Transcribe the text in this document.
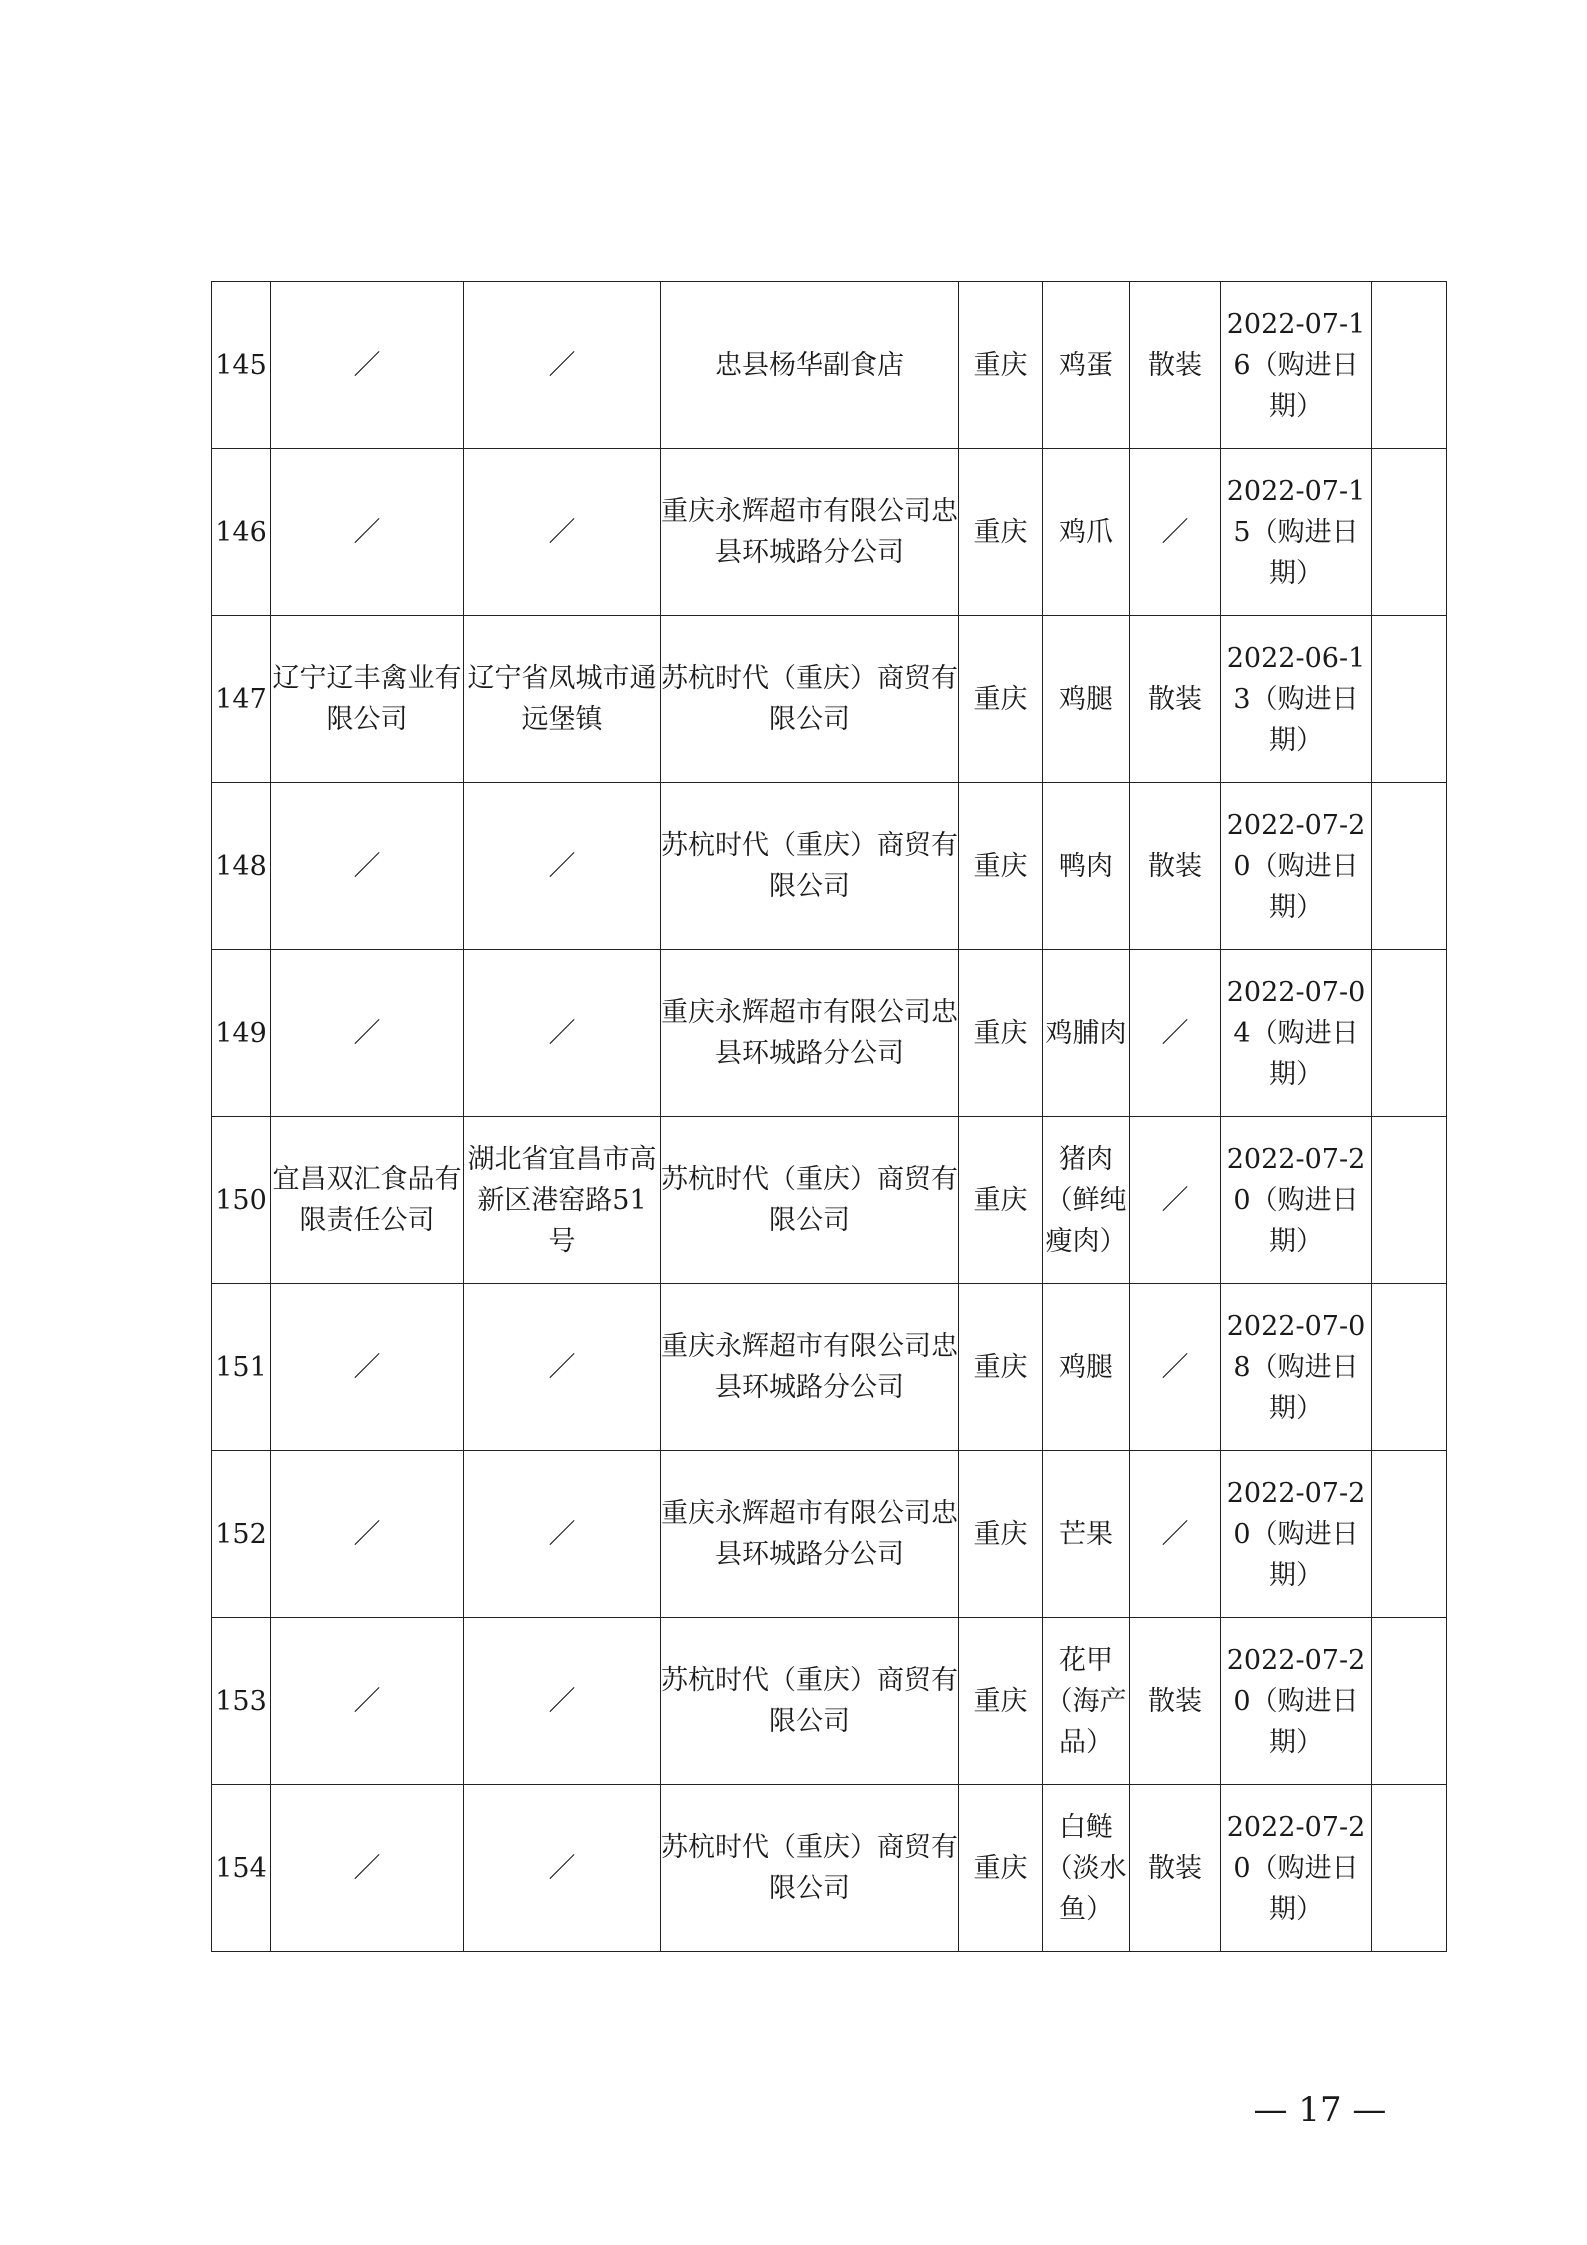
145	／	／	忠县杨华副食店	重庆	鸡蛋	散装	2022-07-16（购进日期）	

146	／	／	重庆永辉超市有限公司忠县环城路分公司	重庆	鸡爪	／	2022-07-15（购进日期）	

147	辽宁辽丰禽业有限公司	辽宁省凤城市通远堡镇	苏杭时代（重庆）商贸有限公司	重庆	鸡腿	散装	2022-06-13（购进日期）	

148	／	／	苏杭时代（重庆）商贸有限公司	重庆	鸭肉	散装	2022-07-20（购进日期）	

149	／	／	重庆永辉超市有限公司忠县环城路分公司	重庆	鸡脯肉	／	2022-07-04（购进日期）	

150	宜昌双汇食品有限责任公司	湖北省宜昌市高新区港窑路51号	苏杭时代（重庆）商贸有限公司	重庆	猪肉（鲜纯瘦肉）	／	2022-07-20（购进日期）	

151	／	／	重庆永辉超市有限公司忠县环城路分公司	重庆	鸡腿	／	2022-07-08（购进日期）	

152	／	／	重庆永辉超市有限公司忠县环城路分公司	重庆	芒果	／	2022-07-20（购进日期）	

153	／	／	苏杭时代（重庆）商贸有限公司	重庆	花甲（海产品）	散装	2022-07-20（购进日期）	

154	／	／	苏杭时代（重庆）商贸有限公司	重庆	白鲢（淡水鱼）	散装	2022-07-20（购进日期）	

— 17 —
